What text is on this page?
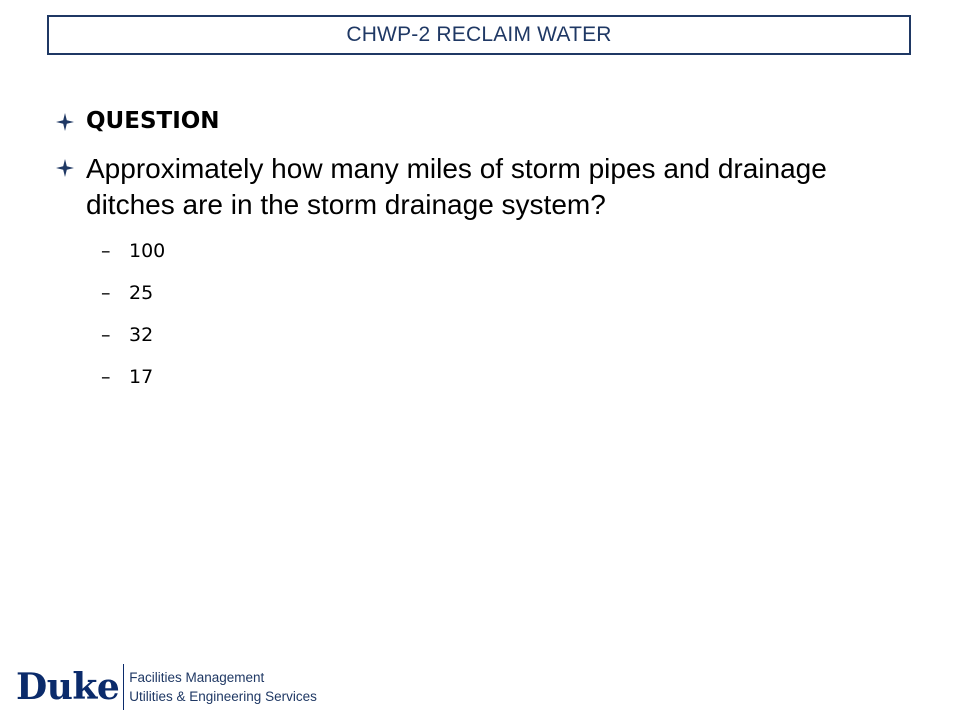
CHWP-2 RECLAIM WATER
QUESTION
Approximately how many miles of storm pipes and drainage ditches are in the storm drainage system?
– 100
– 25
– 32
– 17
Duke Facilities Management
Utilities & Engineering Services
